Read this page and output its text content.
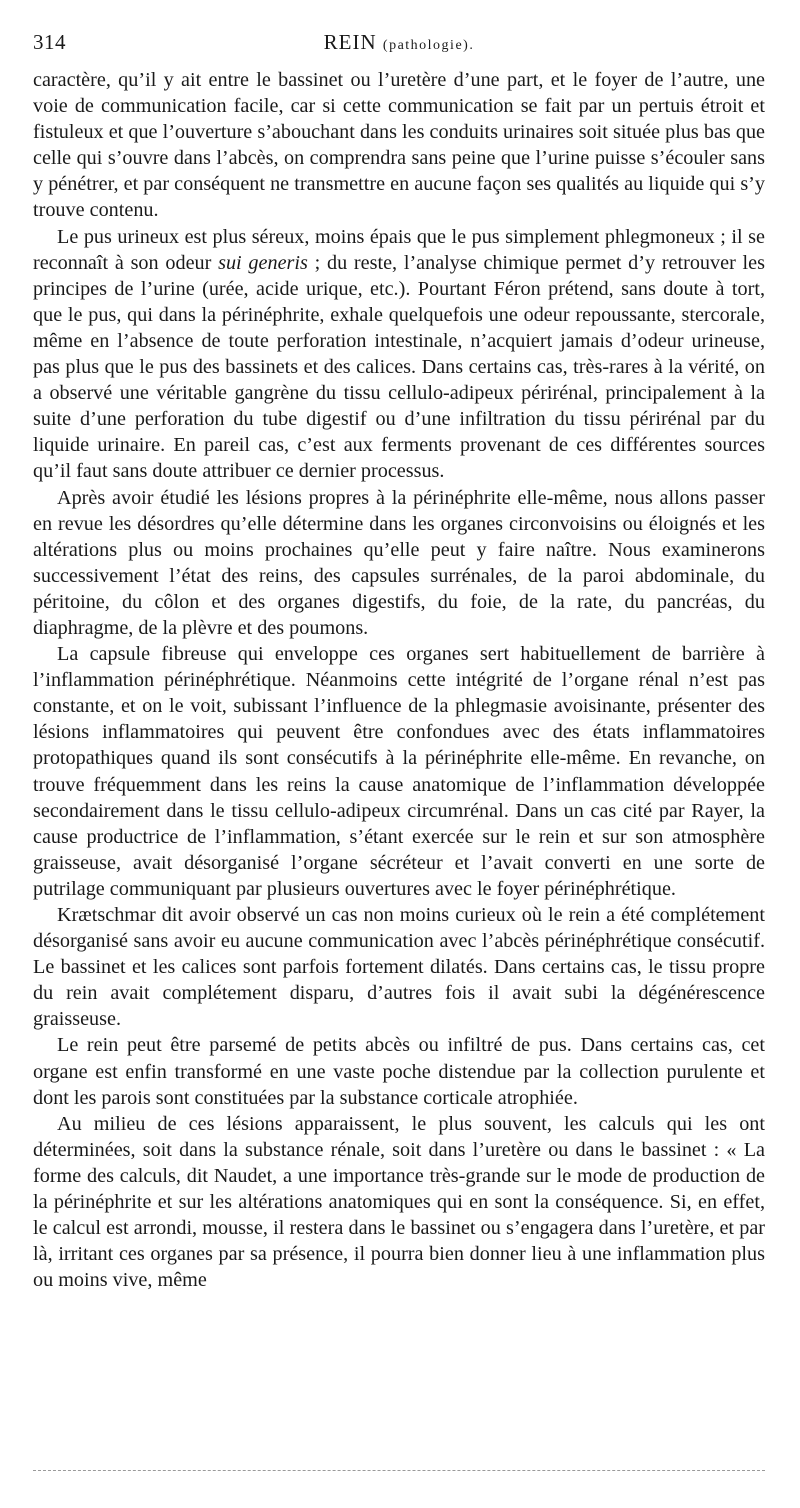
314	REIN (pathologie).

caractère, qu’il y ait entre le bassinet ou l’uretère d’une part, et le foyer de l’autre, une voie de communication facile, car si cette communication se fait par un pertuis étroit et fistuleux et que l’ouverture s’abouchant dans les conduits urinaires soit située plus bas que celle qui s’ouvre dans l’abcès, on comprendra sans peine que l’urine puisse s’écouler sans y pénétrer, et par conséquent ne transmettre en aucune façon ses qualités au liquide qui s’y trouve contenu.

Le pus urineux est plus séreux, moins épais que le pus simplement phlegmoneux ; il se reconnaît à son odeur sui generis ; du reste, l’analyse chimique permet d’y retrouver les principes de l’urine (urée, acide urique, etc.). Pourtant Féron prétend, sans doute à tort, que le pus, qui dans la périnéphrite, exhale quelquefois une odeur repoussante, stercorale, même en l’absence de toute perforation intestinale, n’acquiert jamais d’odeur urineuse, pas plus que le pus des bassinets et des calices. Dans certains cas, très-rares à la vérité, on a observé une véritable gangrène du tissu cellulo-adipeux périrénal, principalement à la suite d’une perforation du tube digestif ou d’une infiltration du tissu périrénal par du liquide urinaire. En pareil cas, c’est aux ferments provenant de ces différentes sources qu’il faut sans doute attribuer ce dernier processus.

Après avoir étudié les lésions propres à la périnéphrite elle-même, nous allons passer en revue les désordres qu’elle détermine dans les organes circonvoisins ou éloignés et les altérations plus ou moins prochaines qu’elle peut y faire naître. Nous examinerons successivement l’état des reins, des capsules surrénales, de la paroi abdominale, du péritoine, du côlon et des organes digestifs, du foie, de la rate, du pancréas, du diaphragme, de la plèvre et des poumons.

La capsule fibreuse qui enveloppe ces organes sert habituellement de barrière à l’inflammation périnéphrétique. Néanmoins cette intégrité de l’organe rénal n’est pas constante, et on le voit, subissant l’influence de la phlegmasie avoisinante, présenter des lésions inflammatoires qui peuvent être confondues avec des états inflammatoires protopathiques quand ils sont consécutifs à la périnéphrite elle-même. En revanche, on trouve fréquemment dans les reins la cause anatomique de l’inflammation développée secondairement dans le tissu cellulo-adipeux circumrénal. Dans un cas cité par Rayer, la cause productrice de l’inflammation, s’étant exercée sur le rein et sur son atmosphère graisseuse, avait désorganisé l’organe sécréteur et l’avait converti en une sorte de putrilage communiquant par plusieurs ouvertures avec le foyer périnéphrétique.

Krætschmar dit avoir observé un cas non moins curieux où le rein a été complétement désorganisé sans avoir eu aucune communication avec l’abcès périnéphrétique consécutif. Le bassinet et les calices sont parfois fortement dilatés. Dans certains cas, le tissu propre du rein avait complétement disparu, d’autres fois il avait subi la dégénérescence graisseuse.

Le rein peut être parsemé de petits abcès ou infiltré de pus. Dans certains cas, cet organe est enfin transformé en une vaste poche distendue par la collection purulente et dont les parois sont constituées par la substance corticale atrophiée.

Au milieu de ces lésions apparaissent, le plus souvent, les calculs qui les ont déterminées, soit dans la substance rénale, soit dans l’uretère ou dans le bassinet : « La forme des calculs, dit Naudet, a une importance très-grande sur le mode de production de la périnéphrite et sur les altérations anatomiques qui en sont la conséquence. Si, en effet, le calcul est arrondi, mousse, il restera dans le bassinet ou s’engagera dans l’uretère, et par là, irritant ces organes par sa présence, il pourra bien donner lieu à une inflammation plus ou moins vive, même
